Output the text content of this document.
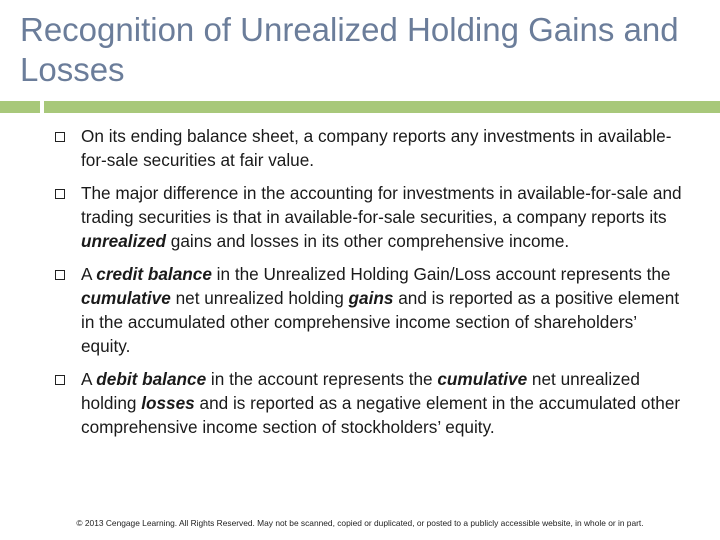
Recognition of Unrealized Holding Gains and Losses
On its ending balance sheet, a company reports any investments in available-for-sale securities at fair value.
The major difference in the accounting for investments in available-for-sale and trading securities is that in available-for-sale securities, a company reports its unrealized gains and losses in its other comprehensive income.
A credit balance in the Unrealized Holding Gain/Loss account represents the cumulative net unrealized holding gains and is reported as a positive element in the accumulated other comprehensive income section of shareholders’ equity.
A debit balance in the account represents the cumulative net unrealized holding losses and is reported as a negative element in the accumulated other comprehensive income section of stockholders’ equity.
© 2013 Cengage Learning. All Rights Reserved. May not be scanned, copied or duplicated, or posted to a publicly accessible website, in whole or in part.
